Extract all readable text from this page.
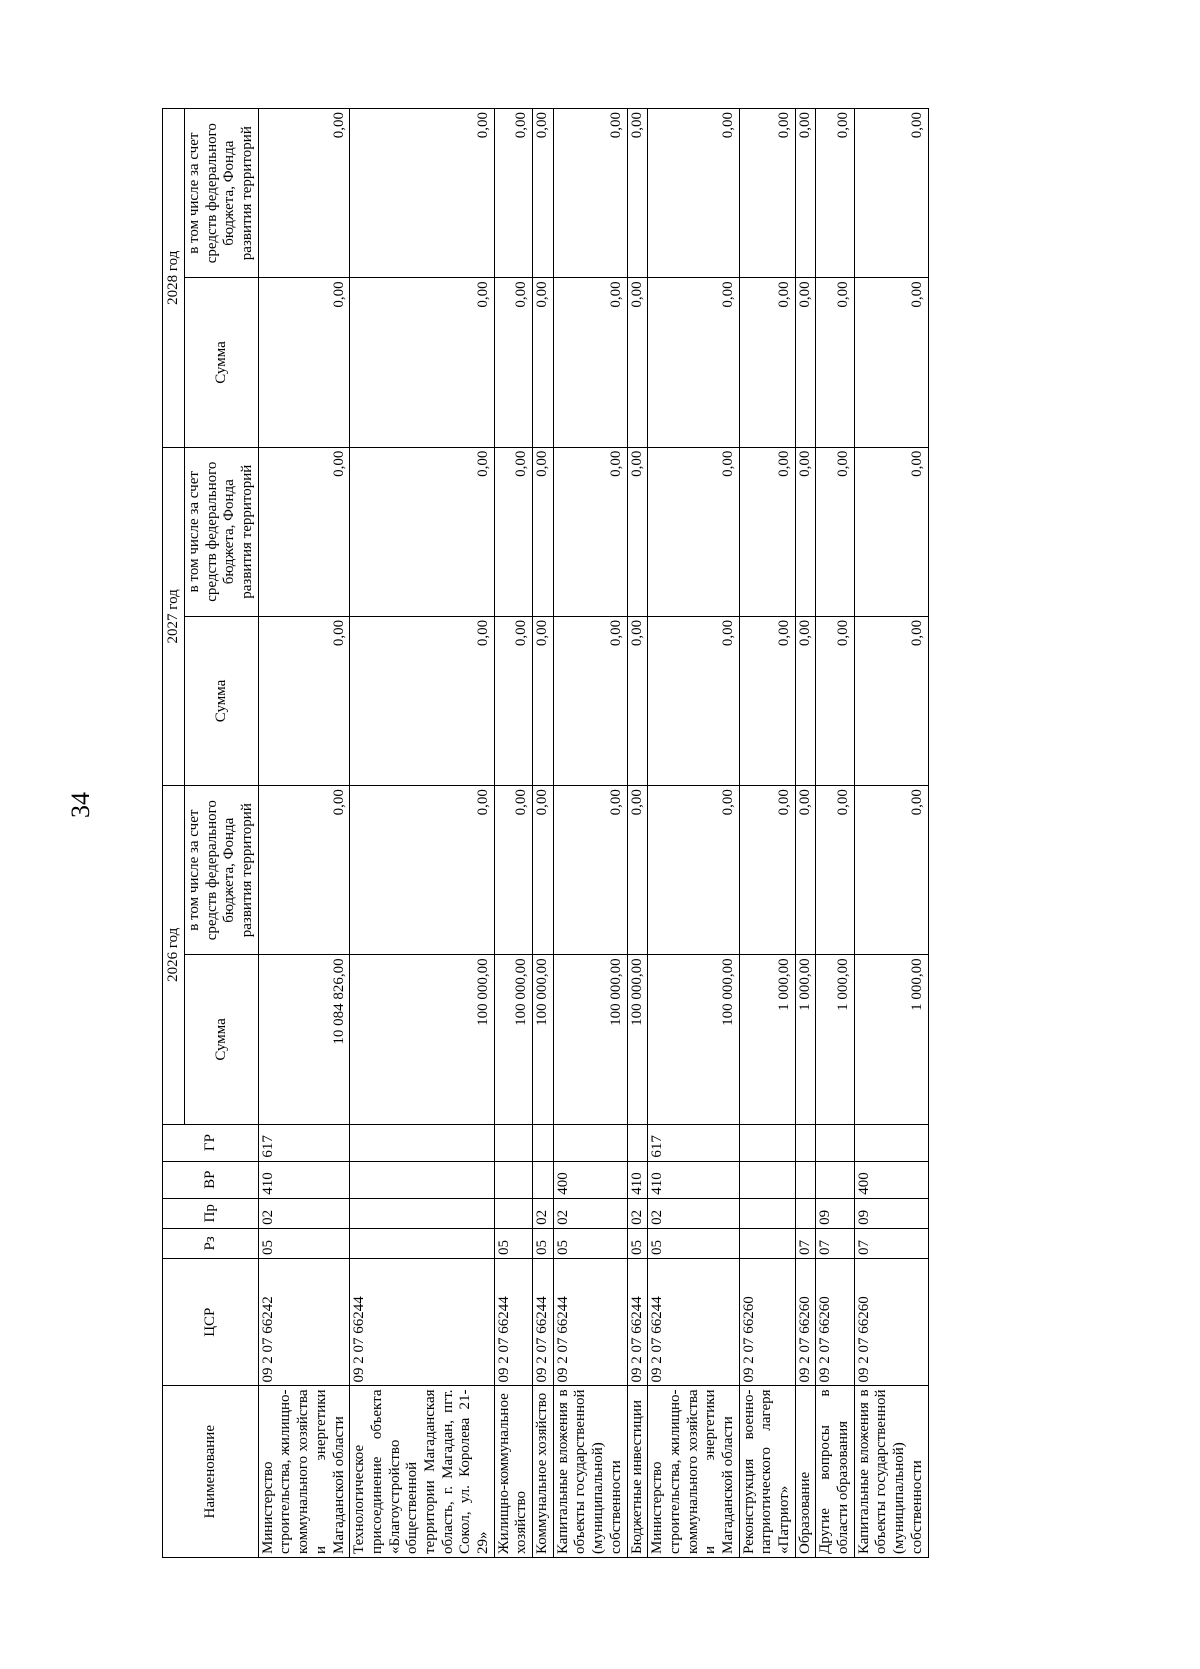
34
Наименование	ЦСР	Рз	Пр	ВР	ГР	2026 год		2027 год		2028 год	
						Сумма	в том числе за счет средств федерального бюджета, Фонда развития территорий	Сумма	в том числе за счет средств федерального бюджета, Фонда развития территорий	Сумма	в том числе за счет средств федерального бюджета, Фонда развития территорий
Министерство строительства, жилищно-коммунального хозяйства и энергетики Магаданской области	09 2 07 66242	05	02	410	617	10 084 826,00	0,00	0,00	0,00	0,00	0,00
Технологическое присоединение объекта «Благоустройство общественной территории Магаданская область, г. Магадан, пгт. Сокол, ул. Королева 21-29»	09 2 07 66244					100 000,00	0,00	0,00	0,00	0,00	0,00
Жилищно-коммунальное хозяйство	09 2 07 66244	05				100 000,00	0,00	0,00	0,00	0,00	0,00
Коммунальное хозяйство	09 2 07 66244	05	02			100 000,00	0,00	0,00	0,00	0,00	0,00
Капитальные вложения в объекты государственной (муниципальной) собственности	09 2 07 66244	05	02	400		100 000,00	0,00	0,00	0,00	0,00	0,00
Бюджетные инвестиции	09 2 07 66244	05	02	410		100 000,00	0,00	0,00	0,00	0,00	0,00
Министерство строительства, жилищно-коммунального хозяйства и энергетики Магаданской области	09 2 07 66244	05	02	410	617	100 000,00	0,00	0,00	0,00	0,00	0,00
Реконструкция военно-патриотического лагеря «Патриот»	09 2 07 66260					1 000,00	0,00	0,00	0,00	0,00	0,00
Образование	09 2 07 66260	07				1 000,00	0,00	0,00	0,00	0,00	0,00
Другие вопросы в области образования	09 2 07 66260	07	09			1 000,00	0,00	0,00	0,00	0,00	0,00
Капитальные вложения в объекты государственной (муниципальной) собственности	09 2 07 66260	07	09	400		1 000,00	0,00	0,00	0,00	0,00	0,00
